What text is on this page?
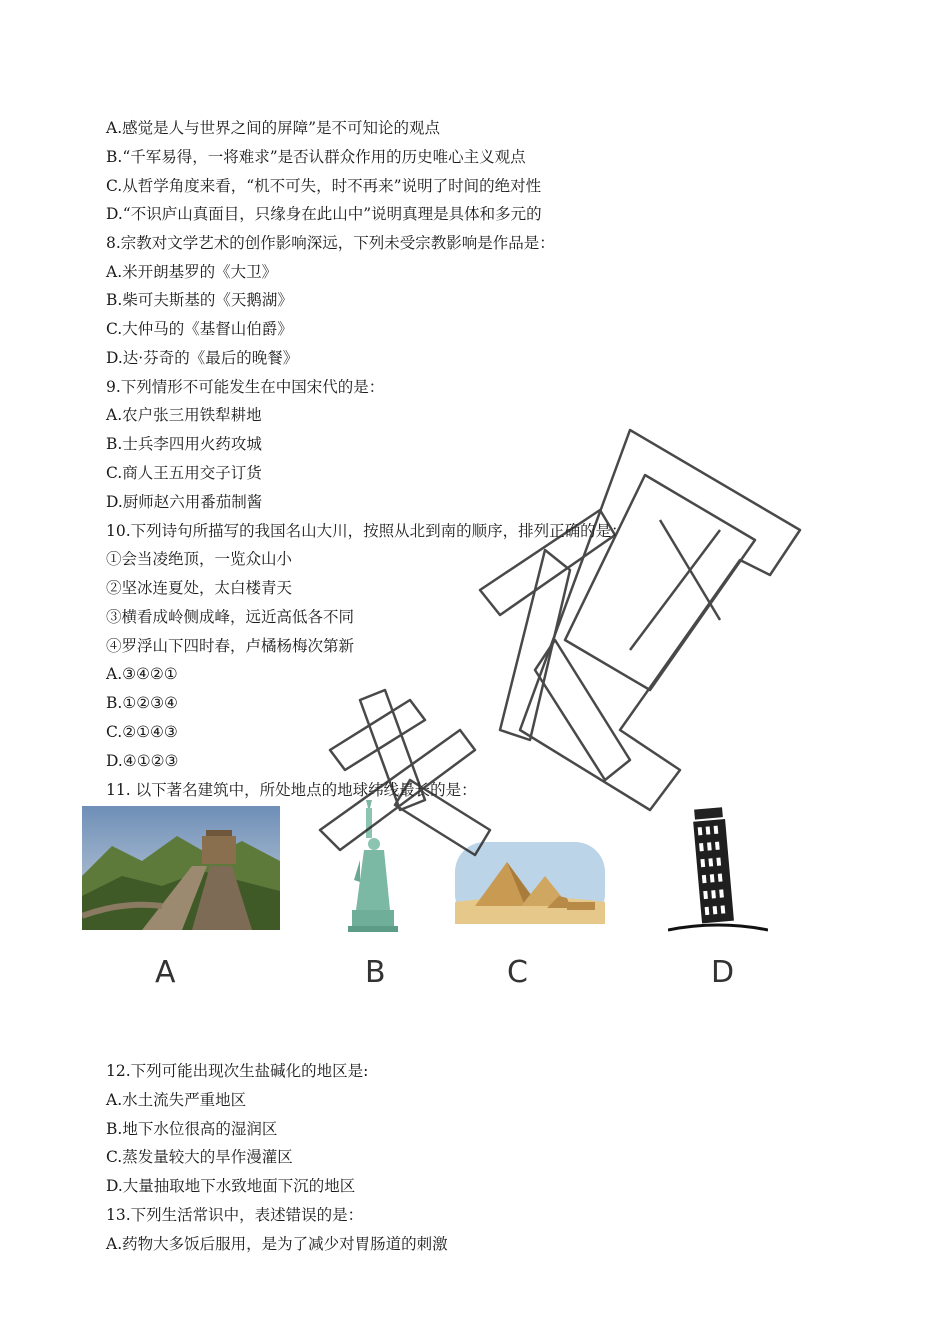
A.感觉是人与世界之间的屏障”是不可知论的观点
B.“千军易得，一将难求”是否认群众作用的历史唯心主义观点
C.从哲学角度来看，“机不可失，时不再来”说明了时间的绝对性
D.“不识庐山真面目，只缘身在此山中”说明真理是具体和多元的
8.宗教对文学艺术的创作影响深远，下列未受宗教影响是作品是：
A.米开朗基罗的《大卫》
B.柴可夫斯基的《天鹅湖》
C.大仲马的《基督山伯爵》
D.达·芬奇的《最后的晚餐》
9.下列情形不可能发生在中国宋代的是：
A.农户张三用铁犁耕地
B.士兵李四用火药攻城
C.商人王五用交子订货
D.厨师赵六用番茄制酱
10.下列诗句所描写的我国名山大川，按照从北到南的顺序，排列正确的是：
①会当凌绝顶，一览众山小
②坚冰连夏处，太白楼青天
③横看成岭侧成峰，远近高低各不同
④罗浮山下四时春，卢橘杨梅次第新
A.③④②①
B.①②③④
C.②①④③
D.④①②③
11. 以下著名建筑中，所处地点的地球纬线最长的是：
A	B	C	D
12.下列可能出现次生盐碱化的地区是:
A.水土流失严重地区
B.地下水位很高的湿润区
C.蒸发量较大的旱作漫灌区
D.大量抽取地下水致地面下沉的地区
13.下列生活常识中，表述错误的是：
A.药物大多饭后服用，是为了减少对胃肠道的刺激
